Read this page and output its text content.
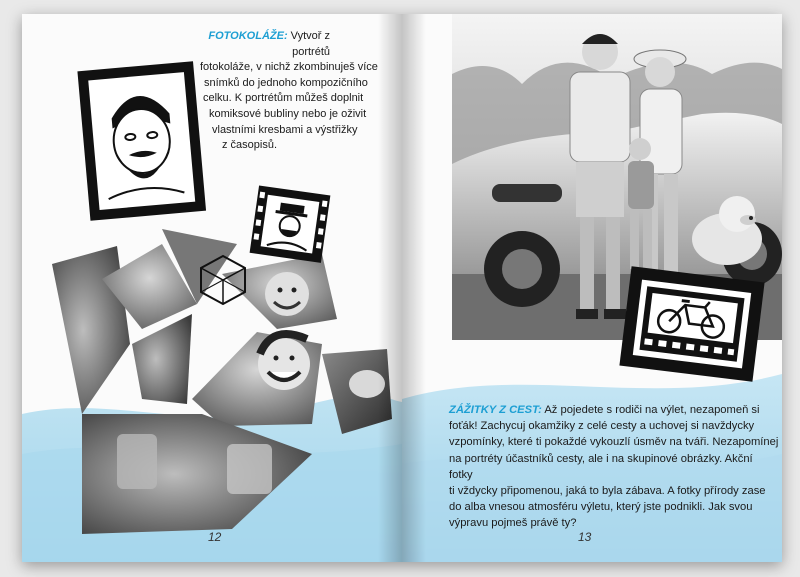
FOTOKOLÁŽE: Vytvoř z portrétů
fotokoláže, v nichž zkombinuješ více
snímků do jednoho kompozičního
celku. K portrétům můžeš doplnit
komiksové bubliny nebo je oživit
vlastními kresbami a výstřižky
z časopisů.
12
ZÁŽITKY Z CEST: Až pojedete s rodiči na výlet, nezapomeň si
foťák! Zachycuj okamžiky z celé cesty a uchovej si navždycky
vzpomínky, které ti pokaždé vykouzlí úsměv na tváři. Nezapomínej
na portréty účastníků cesty, ale i na skupinové obrázky. Akční fotky
ti vždycky připomenou, jaká to byla zábava. A fotky přírody zase
do alba vnesou atmosféru výletu, který jste podnikli. Jak svou
výpravu pojmeš právě ty?
13
